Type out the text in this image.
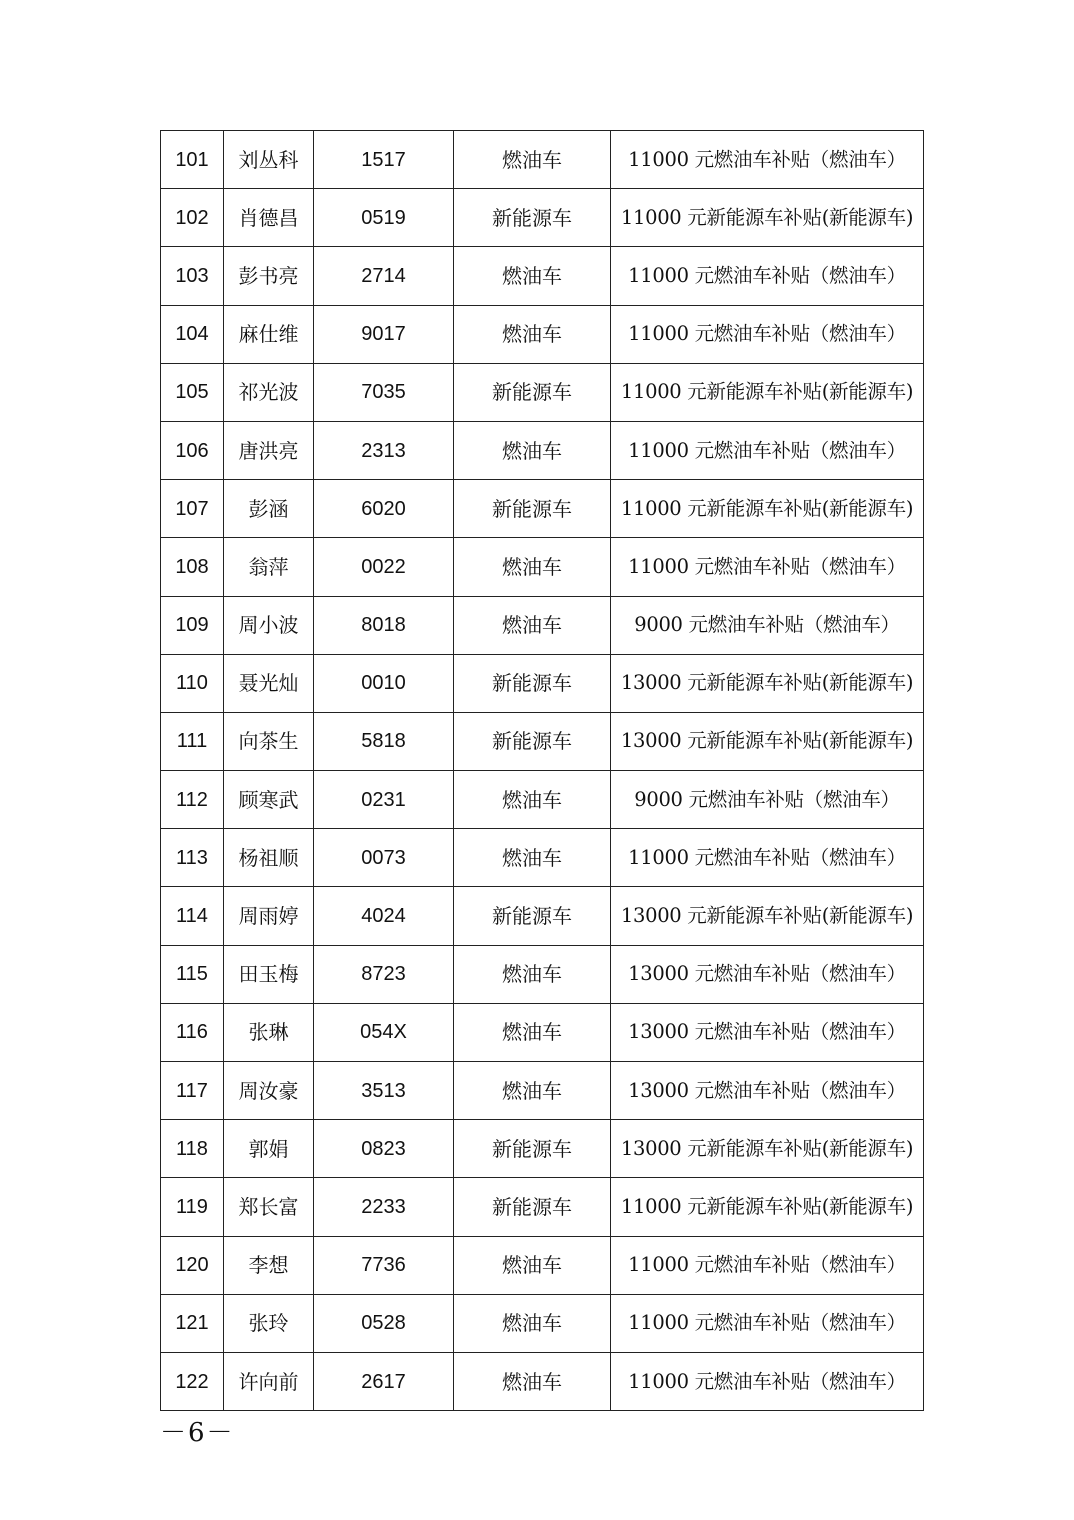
101	刘丛科	1517	燃油车	11000 元燃油车补贴（燃油车）
102	肖德昌	0519	新能源车	11000 元新能源车补贴(新能源车)
103	彭书亮	2714	燃油车	11000 元燃油车补贴（燃油车）
104	麻仕维	9017	燃油车	11000 元燃油车补贴（燃油车）
105	祁光波	7035	新能源车	11000 元新能源车补贴(新能源车)
106	唐洪亮	2313	燃油车	11000 元燃油车补贴（燃油车）
107	彭涵	6020	新能源车	11000 元新能源车补贴(新能源车)
108	翁萍	0022	燃油车	11000 元燃油车补贴（燃油车）
109	周小波	8018	燃油车	9000 元燃油车补贴（燃油车）
110	聂光灿	0010	新能源车	13000 元新能源车补贴(新能源车)
111	向茶生	5818	新能源车	13000 元新能源车补贴(新能源车)
112	顾寒武	0231	燃油车	9000 元燃油车补贴（燃油车）
113	杨祖顺	0073	燃油车	11000 元燃油车补贴（燃油车）
114	周雨婷	4024	新能源车	13000 元新能源车补贴(新能源车)
115	田玉梅	8723	燃油车	13000 元燃油车补贴（燃油车）
116	张琳	054X	燃油车	13000 元燃油车补贴（燃油车）
117	周汝豪	3513	燃油车	13000 元燃油车补贴（燃油车）
118	郭娟	0823	新能源车	13000 元新能源车补贴(新能源车)
119	郑长富	2233	新能源车	11000 元新能源车补贴(新能源车)
120	李想	7736	燃油车	11000 元燃油车补贴（燃油车）
121	张玲	0528	燃油车	11000 元燃油车补贴（燃油车）
122	许向前	2617	燃油车	11000 元燃油车补贴（燃油车）
－6－
